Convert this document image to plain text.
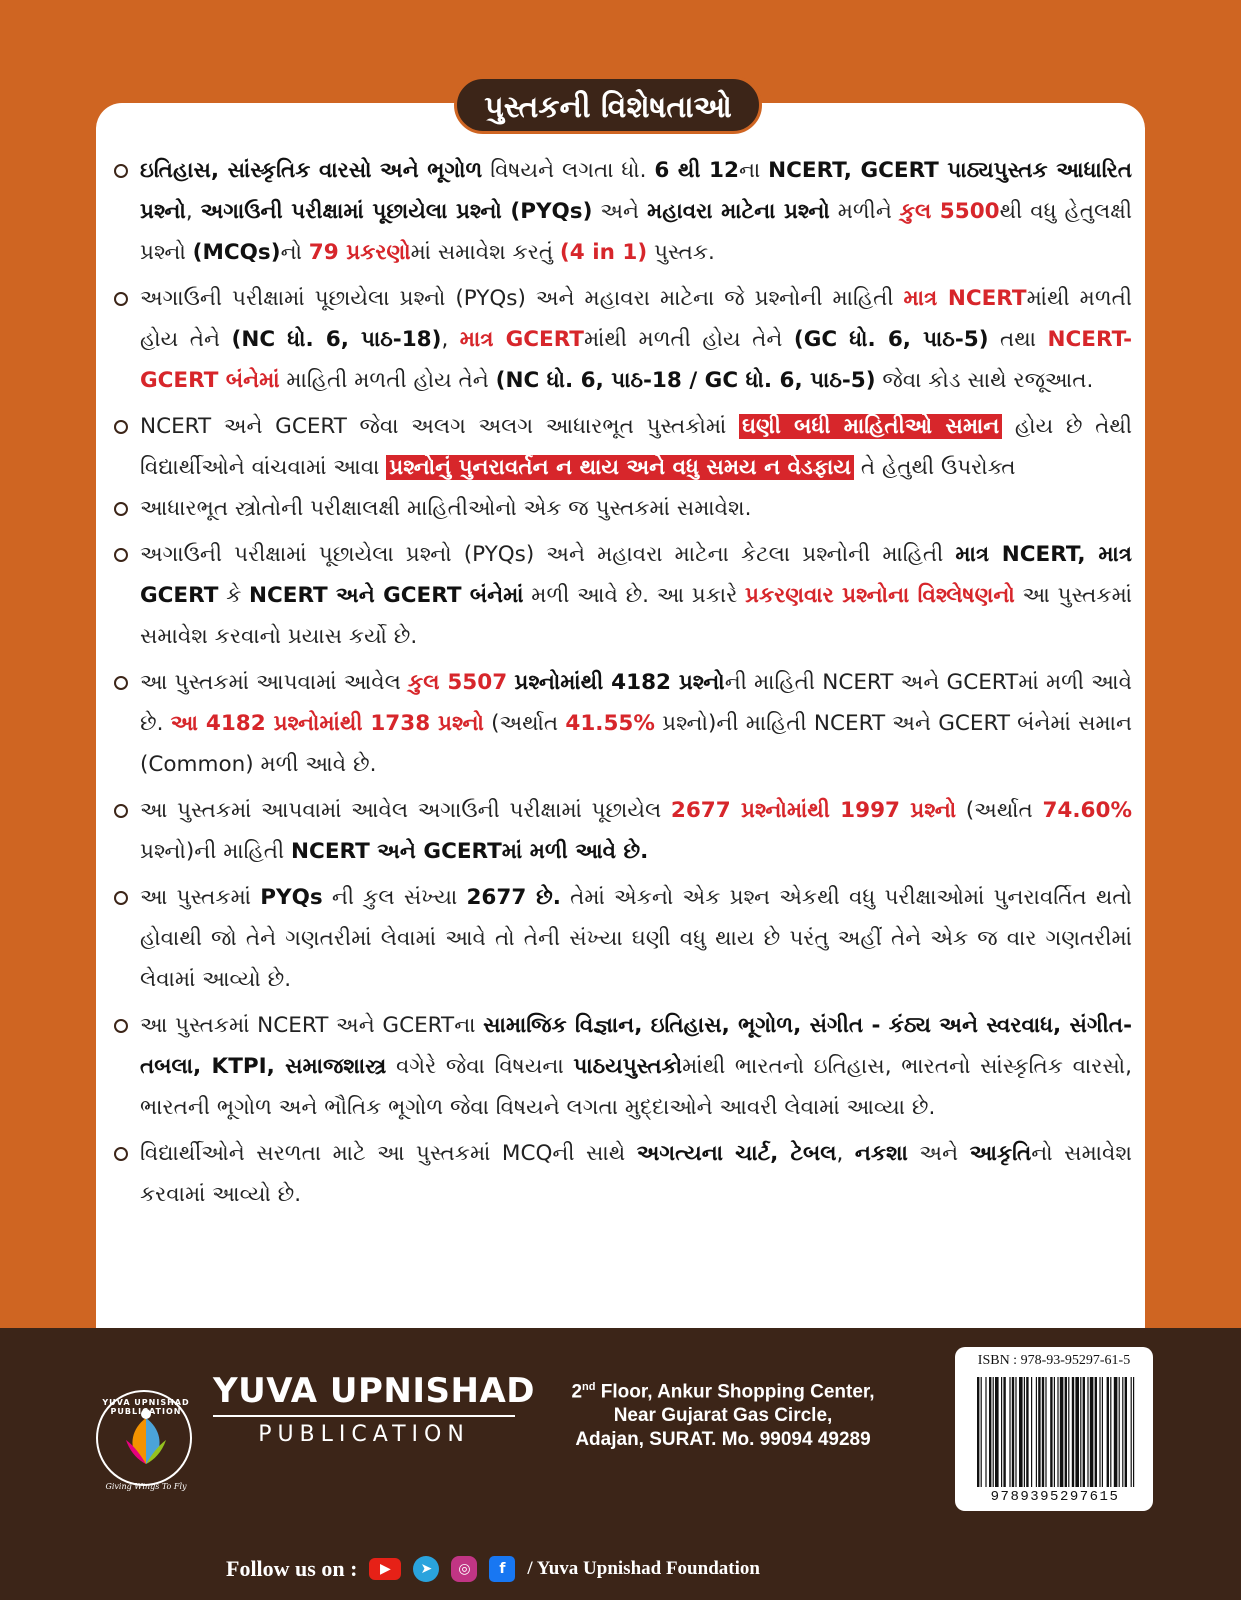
પુસ્તકની વિશેષતાઓ
ઇતિહાસ, સાંસ્કૃતિક વારસો અને ભૂગોળ વિષયને લગતા ધો. 6 થી 12ના NCERT, GCERT પાઠ્યપુસ્તક આધારિત પ્રશ્નો, અગાઉની પરીક્ષામાં પૂછાયેલા પ્રશ્નો (PYQs) અને મહાવરા માટેના પ્રશ્નો મળીને કુલ 5500થી વધુ હેતુલક્ષી પ્રશ્નો (MCQs)નો 79 પ્રકરણોમાં સમાવેશ કરતું (4 in 1) પુસ્તક.
અગાઉની પરીક્ષામાં પૂછાયેલા પ્રશ્નો (PYQs) અને મહાવરા માટેના જે પ્રશ્નોની માહિતી માત્ર NCERTમાંથી મળતી હોય તેને (NC ધો. 6, પાઠ-18), માત્ર GCERTમાંથી મળતી હોય તેને (GC ધો. 6, પાઠ-5) તથા NCERT-GCERT બંનેમાં માહિતી મળતી હોય તેને (NC ધો. 6, પાઠ-18 / GC ધો. 6, પાઠ-5) જેવા કોડ સાથે રજૂઆત.
NCERT અને GCERT જેવા અલગ અલગ આધારભૂત પુસ્તકોમાં ઘણી બધી માહિતીઓ સમાન હોય છે તેથી વિદ્યાર્થીઓને વાંચવામાં આવા પ્રશ્નોનું પુનરાવર્તન ન થાય અને વધુ સમય ન વેડફાય તે હેતુથી ઉપરોક્ત
આધારભૂત સ્ત્રોતોની પરીક્ષાલક્ષી માહિતીઓનો એક જ પુસ્તકમાં સમાવેશ.
અગાઉની પરીક્ષામાં પૂછાયેલા પ્રશ્નો (PYQs) અને મહાવરા માટેના કેટલા પ્રશ્નોની માહિતી માત્ર NCERT, માત્ર GCERT કે NCERT અને GCERT બંનેમાં મળી આવે છે. આ પ્રકારે પ્રકરણવાર પ્રશ્નોના વિશ્લેષણનો આ પુસ્તકમાં સમાવેશ કરવાનો પ્રયાસ કર્યો છે.
આ પુસ્તકમાં આપવામાં આવેલ કુલ 5507 પ્રશ્નોમાંથી 4182 પ્રશ્નોની માહિતી NCERT અને GCERTમાં મળી આવે છે. આ 4182 પ્રશ્નોમાંથી 1738 પ્રશ્નો (અર્થાત 41.55% પ્રશ્નો)ની માહિતી NCERT અને GCERT બંનેમાં સમાન (Common) મળી આવે છે.
આ પુસ્તકમાં આપવામાં આવેલ અગાઉની પરીક્ષામાં પૂછાયેલ 2677 પ્રશ્નોમાંથી 1997 પ્રશ્નો (અર્થાત 74.60% પ્રશ્નો)ની માહિતી NCERT અને GCERTમાં મળી આવે છે.
આ પુસ્તકમાં PYQs ની કુલ સંખ્યા 2677 છે. તેમાં એકનો એક પ્રશ્ન એકથી વધુ પરીક્ષાઓમાં પુનરાવર્તિત થતો હોવાથી જો તેને ગણતરીમાં લેવામાં આવે તો તેની સંખ્યા ઘણી વધુ થાય છે પરંતુ અહીં તેને એક જ વાર ગણતરીમાં લેવામાં આવ્યો છે.
આ પુસ્તકમાં NCERT અને GCERTના સામાજિક વિજ્ઞાન, ઇતિહાસ, ભૂગોળ, સંગીત - કંઠ્ય અને સ્વરવાધ, સંગીત-તબલા, KTPI, સમાજશાસ્ત્ર વગેરે જેવા વિષયના પાઠયપુસ્તકોમાંથી ભારતનો ઇતિહાસ, ભારતનો સાંસ્કૃતિક વારસો, ભારતની ભૂગોળ અને ભૌતિક ભૂગોળ જેવા વિષયને લગતા મુદ્દાઓને આવરી લેવામાં આવ્યા છે.
વિદ્યાર્થીઓને સરળતા માટે આ પુસ્તકમાં MCQની સાથે અગત્યના ચાર્ટ, ટેબલ, નકશા અને આકૃતિનો સમાવેશ કરવામાં આવ્યો છે.
YUVA UPNISHAD PUBLICATION
Giving Wings To Fly
YUVA UPNISHAD
PUBLICATION
2nd Floor, Ankur Shopping Center,
Near Gujarat Gas Circle,
Adajan, SURAT. Mo. 99094 49289
ISBN : 978-93-95297-61-5
9789395297615
Follow us on :	▶	➤	◎	f	/ Yuva Upnishad Foundation
